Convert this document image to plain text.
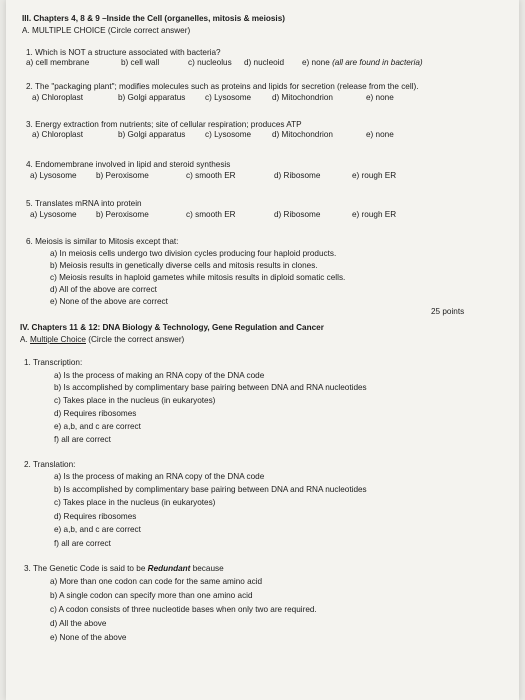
III. Chapters 4, 8 & 9 –Inside the Cell (organelles, mitosis & meiosis)
A. MULTIPLE CHOICE (Circle correct answer)
1. Which is NOT a structure associated with bacteria?
a) cell membrane	b) cell wall	c) nucleolus d) nucleoid e) none (all are found in bacteria)
2. The "packaging plant"; modifies molecules such as proteins and lipids for secretion (release from the cell).
a) Chloroplast	b) Golgi apparatus c) Lysosome	d) Mitochondrion	e) none
3. Energy extraction from nutrients; site of cellular respiration; produces ATP
a) Chloroplast	b) Golgi apparatus c) Lysosome	d) Mitochondrion	e) none
4. Endomembrane involved in lipid and steroid synthesis
a) Lysosome b) Peroxisome	c) smooth ER	d) Ribosome	e) rough ER
5. Translates mRNA into protein
a) Lysosome b) Peroxisome	c) smooth ER	d) Ribosome	e) rough ER
6. Meiosis is similar to Mitosis except that:
a) In meiosis cells undergo two division cycles producing four haploid products.
b) Meiosis results in genetically diverse cells and mitosis results in clones.
c) Meiosis results in haploid gametes while mitosis results in diploid somatic cells.
d) All of the above are correct
e) None of the above are correct
25 points
IV. Chapters 11 & 12: DNA Biology & Technology, Gene Regulation and Cancer
A. Multiple Choice (Circle the correct answer)
1. Transcription:
a) Is the process of making an RNA copy of the DNA code
b) Is accomplished by complimentary base pairing between DNA and RNA nucleotides
c) Takes place in the nucleus (in eukaryotes)
d) Requires ribosomes
e) a,b, and c are correct
f) all are correct
2. Translation:
a) Is the process of making an RNA copy of the DNA code
b) Is accomplished by complimentary base pairing between DNA and RNA nucleotides
c) Takes place in the nucleus (in eukaryotes)
d) Requires ribosomes
e) a,b, and c are correct
f) all are correct
3. The Genetic Code is said to be Redundant because
a) More than one codon can code for the same amino acid
b) A single codon can specify more than one amino acid
c) A codon consists of three nucleotide bases when only two are required.
d) All the above
e) None of the above
